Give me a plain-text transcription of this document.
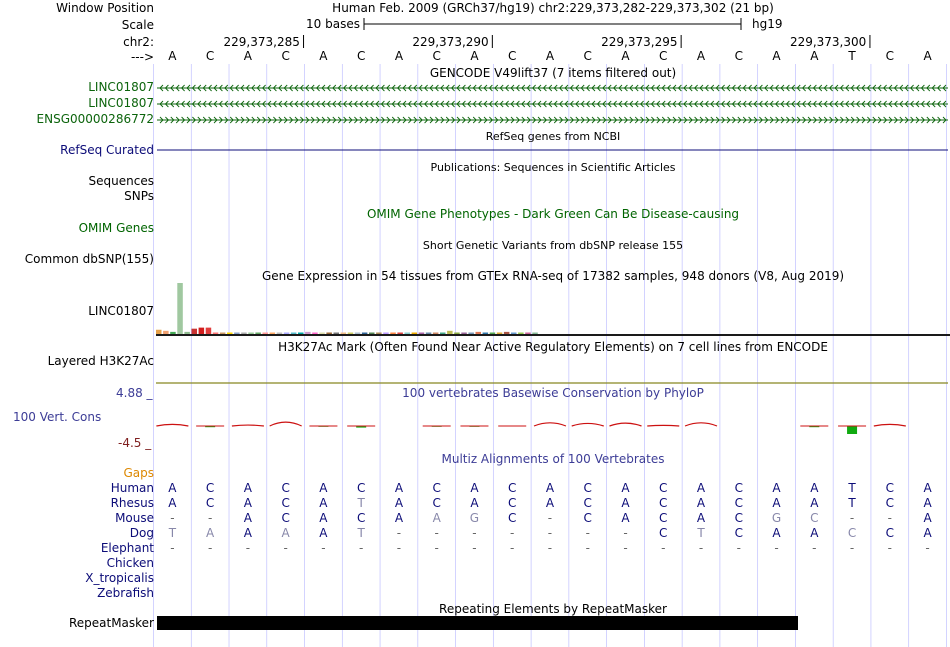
Window Position	Human Feb. 2009 (GRCh37/hg19) chr2:229,373,282-229,373,302 (21 bp)
Scale	10 bases	hg19
chr2:	229,373,285	229,373,290	229,373,295	229,373,300
--->	A	C	A	C	A	C	A	C	A	C	A	C	A	C	A	C	A	A	T	C	A
GENCODE V49lift37 (7 items filtered out)
LINC01807
LINC01807
ENSG00000286772
RefSeq genes from NCBI
RefSeq Curated
Publications: Sequences in Scientific Articles
Sequences
SNPs
OMIM Gene Phenotypes - Dark Green Can Be Disease-causing
OMIM Genes
Short Genetic Variants from dbSNP release 155
Common dbSNP(155)
Gene Expression in 54 tissues from GTEx RNA-seq of 17382 samples, 948 donors (V8, Aug 2019)
LINC01807
H3K27Ac Mark (Often Found Near Active Regulatory Elements) on 7 cell lines from ENCODE
Layered H3K27Ac
100 vertebrates Basewise Conservation by PhyloP
100 Vert. Cons
4.88 _
-4.5 _
Multiz Alignments of 100 Vertebrates
Gaps
Human	A	C	A	C	A	C	A	C	A	C	A	C	A	C	A	C	A	A	T	C	A
Rhesus	A	C	A	C	A	T	A	C	A	C	A	C	A	C	A	C	A	A	T	C	A
Mouse	-	-	A	C	A	C	A	A	G	C	-	C	A	C	A	C	G	C	-	-	A
Dog	T	A	A	A	A	T	-	-	-	-	-	-	-	C	T	C	A	A	C	C	A
Elephant	-	-	-	-	-	-	-	-	-	-	-	-	-	-	-	-	-	-	-	-	-
Chicken
X_tropicalis
Zebrafish
Repeating Elements by RepeatMasker
RepeatMasker
